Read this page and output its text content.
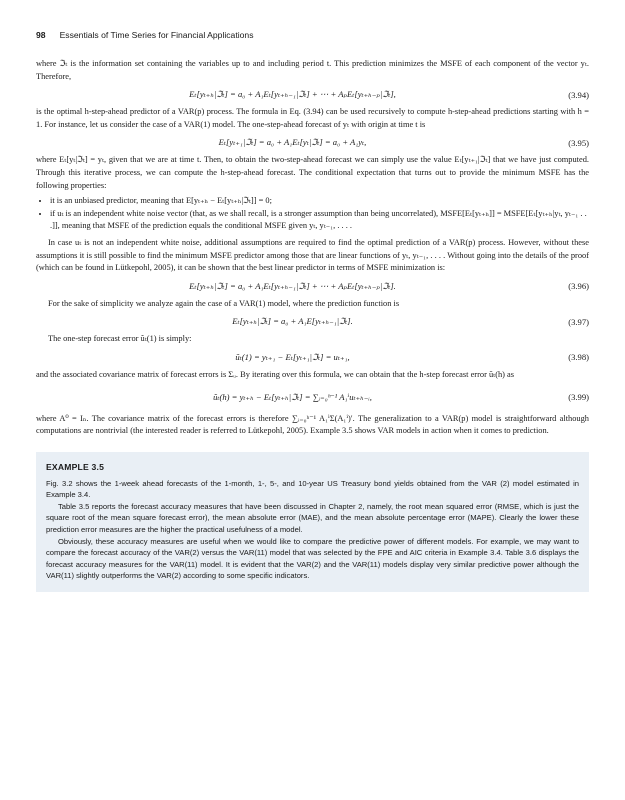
98 Essentials of Time Series for Financial Applications

where ℑₜ is the information set containing the variables up to and including period t. This prediction minimizes the MSFE of each component of the vector yₜ. Therefore,

Eₜ[yₜ₊ₕ|ℑₜ] = a₀ + A₁Eₜ[yₜ₊ₕ₋₁|ℑₜ] + ⋯ + AₚEₜ[yₜ₊ₕ₋ₚ|ℑₜ],	(3.94)

is the optimal h-step-ahead predictor of a VAR(p) process. The formula in Eq. (3.94) can be used recursively to compute h-step-ahead predictions starting with h = 1. For instance, let us consider the case of a VAR(1) model. The one-step-ahead forecast of yₜ with origin at time t is

Eₜ[yₜ₊₁|ℑₜ] = a₀ + A₁Eₜ[yₜ|ℑₜ] = a₀ + A₁yₜ,	(3.95)

where Eₜ[yₜ|ℑₜ] = yₜ, given that we are at time t. Then, to obtain the two-step-ahead forecast we can simply use the value Eₜ[yₜ₊₁|ℑₜ] that we have just computed. Through this iterative process, we can compute the h-step-ahead forecast. The conditional expectation that turns out to provide the minimum MSFE has the following properties:

• it is an unbiased predictor, meaning that E[yₜ₊ₕ − Eₜ[yₜ₊ₕ|ℑₜ]] = 0;
• if uₜ is an independent white noise vector (that, as we shall recall, is a stronger assumption than being uncorrelated), MSFE[Eₜ[yₜ₊ₕ]] = MSFE[Eₜ[yₜ₊ₕ|yₜ, yₜ₋₁ . . .]], meaning that MSFE of the prediction equals the conditional MSFE given yₜ, yₜ₋₁, . . . .

In case uₜ is not an independent white noise, additional assumptions are required to find the optimal prediction of a VAR(p) process. However, without these assumptions it is still possible to find the minimum MSFE predictor among those that are linear functions of yₜ, yₜ₋₁, . . . . Without going into the details of the proof (which can be found in Lütkepohl, 2005), it can be shown that the best linear predictor in terms of MSFE minimization is:

Eₜ[yₜ₊ₕ|ℑₜ] = a₀ + A₁Eₜ[yₜ₊ₕ₋₁|ℑₜ] + ⋯ + AₚEₜ[yₜ₊ₕ₋ₚ|ℑₜ].	(3.96)

For the sake of simplicity we analyze again the case of a VAR(1) model, where the prediction function is

Eₜ[yₜ₊ₕ|ℑₜ] = a₀ + A₁E[yₜ₊ₕ₋₁|ℑₜ].	(3.97)

The one-step forecast error ũₜ(1) is simply:

ũₜ(1) = yₜ₊₁ − Eₜ[yₜ₊₁|ℑₜ] = uₜ₊₁,	(3.98)

and the associated covariance matrix of forecast errors is Σᵤ. By iterating over this formula, we can obtain that the h-step forecast error ũₜ(h) as

ũₜ(h) = yₜ₊ₕ − Eₜ[yₜ₊ₕ|ℑₜ] = ∑ᵢ₌₀ʰ⁻¹ A₁ⁱuₜ₊ₕ₋ᵢ,	(3.99)

where A⁰ = Iₙ. The covariance matrix of the forecast errors is therefore ∑ᵢ₌₀ʰ⁻¹ A₁ⁱΣ(A₁ⁱ)′. The generalization to a VAR(p) model is straightforward although computations are nontrivial (the interested reader is referred to Lütkepohl, 2005). Example 3.5 shows VAR models in action when it comes to prediction.

EXAMPLE 3.5

Fig. 3.2 shows the 1-week ahead forecasts of the 1-month, 1-, 5-, and 10-year US Treasury bond yields obtained from the VAR (2) model estimated in Example 3.4.

Table 3.5 reports the forecast accuracy measures that have been discussed in Chapter 2, namely, the root mean squared error (RMSE, which is just the square root of the mean square forecast error), the mean absolute error (MAE), and the mean absolute percentage error (MAPE). Clearly the lower these prediction error measures are the higher the practical usefulness of a model.

Obviously, these accuracy measures are useful when we would like to compare the predictive power of different models. For example, we may want to compare the forecast accuracy of the VAR(2) versus the VAR(11) model that was selected by the FPE and AIC criteria in Example 3.4. Table 3.6 displays the forecast accuracy measures for the VAR(11) model. It is evident that the VAR(2) and the VAR(11) models display very similar predictive power although the VAR(11) slightly outperforms the VAR(2) according to some specific indicators.
